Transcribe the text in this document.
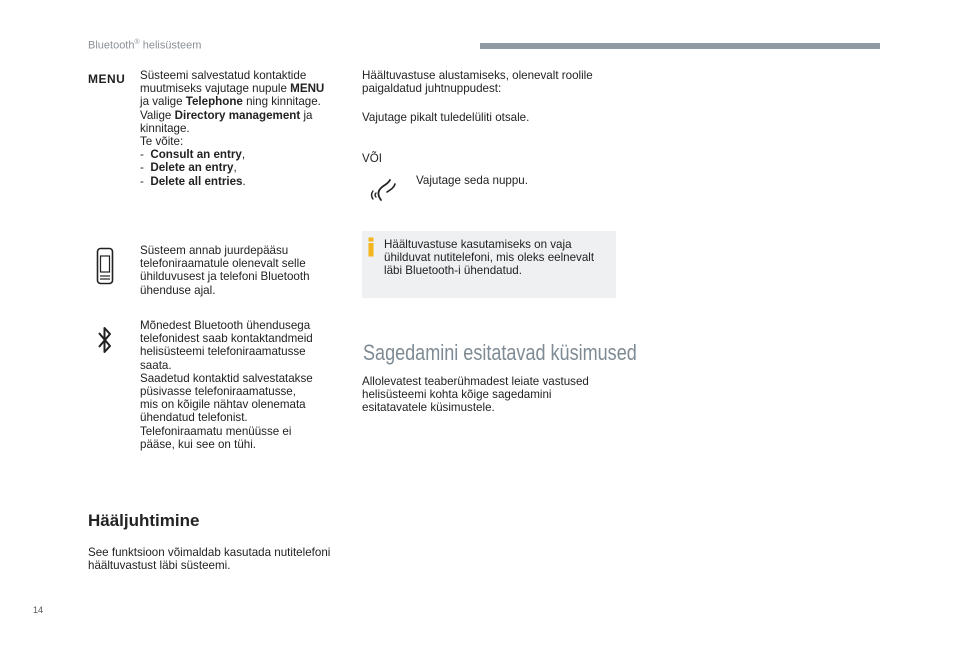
Bluetooth® helisüsteem
MENU Süsteemi salvestatud kontaktide
muutmiseks vajutage nupule MENU
ja valige Telephone ning kinnitage.
Valige Directory management ja
kinnitage.
Te võite:
- Consult an entry,
- Delete an entry,
- Delete all entries.
Süsteem annab juurdepääsu
telefoniraamatule olenevalt selle
ühilduvusest ja telefoni Bluetooth
ühenduse ajal.
Mõnedest Bluetooth ühendusega
telefonidest saab kontaktandmeid
helisüsteemi telefoniraamatusse
saata.
Saadetud kontaktid salvestatakse
püsivasse telefoniraamatusse,
mis on kõigile nähtav olenemata
ühendatud telefonist.
Telefoniraamatu menüüsse ei
pääse, kui see on tühi.
Hääljuhtimine
See funktsioon võimaldab kasutada nutitelefoni
häältuvastust läbi süsteemi.
Häältuvastuse alustamiseks, olenevalt roolile
paigaldatud juhtnuppudest:
Vajutage pikalt tuledelüliti otsale.
VÕI
Vajutage seda nuppu.
Häältuvastuse kasutamiseks on vaja
ühilduvat nutitelefoni, mis oleks eelnevalt
läbi Bluetooth-i ühendatud.
Sagedamini esitatavad küsimused
Allolevatest teaberühmadest leiate vastused
helisüsteemi kohta kõige sagedamini
esitatavatele küsimustele.
14
